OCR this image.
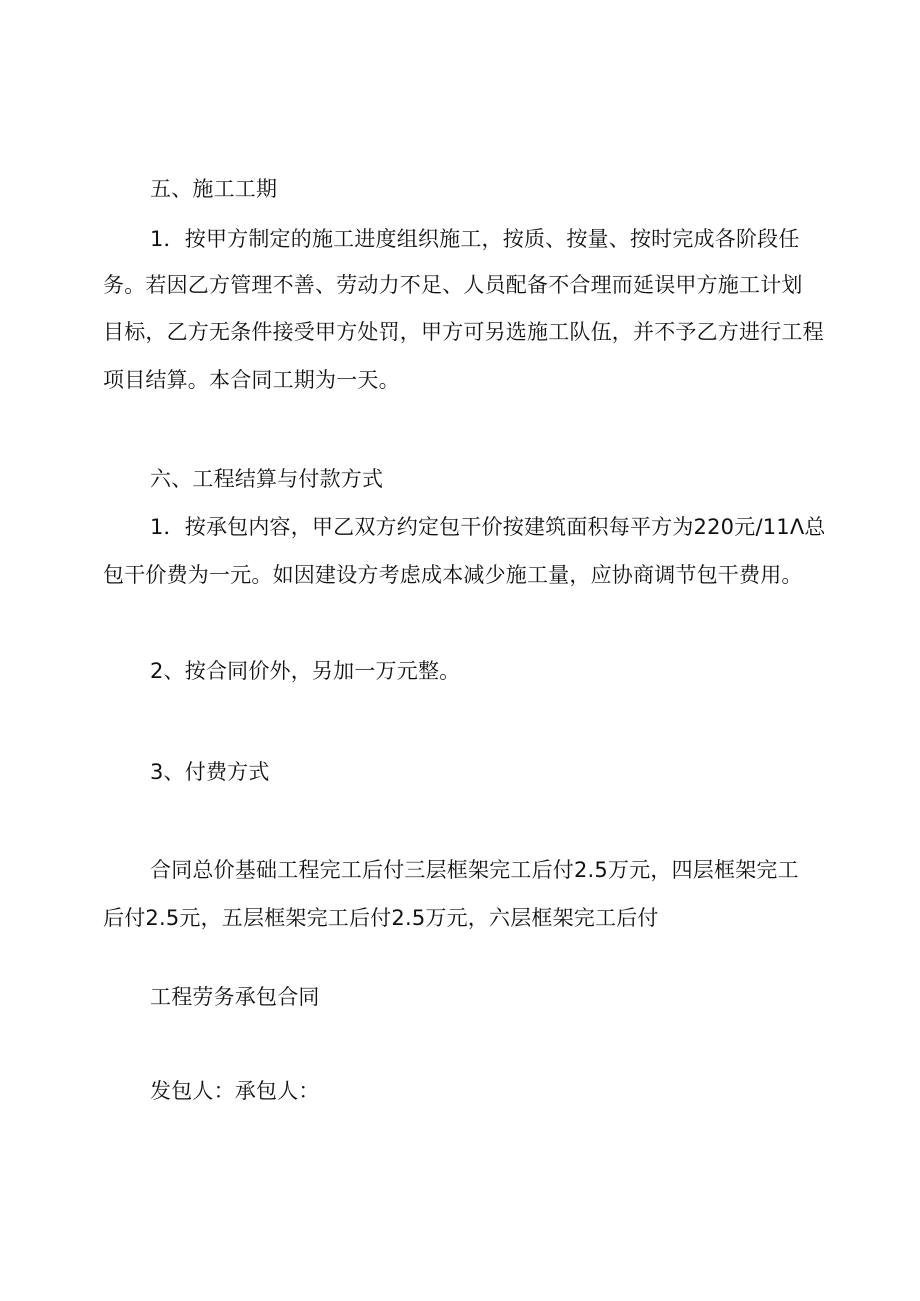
五、施工工期
1．按甲方制定的施工进度组织施工，按质、按量、按时完成各阶段任
务。若因乙方管理不善、劳动力不足、人员配备不合理而延误甲方施工计划
目标，乙方无条件接受甲方处罚，甲方可另选施工队伍，并不予乙方进行工程
项目结算。本合同工期为一天。
六、工程结算与付款方式
1．按承包内容，甲乙双方约定包干价按建筑面积每平方为220元/11Λ总
包干价费为一元。如因建设方考虑成本减少施工量，应协商调节包干费用。
2、按合同价外，另加一万元整。
3、付费方式
合同总价基础工程完工后付三层框架完工后付2.5万元，四层框架完工
后付2.5元，五层框架完工后付2.5万元，六层框架完工后付
工程劳务承包合同
发包人：承包人：
